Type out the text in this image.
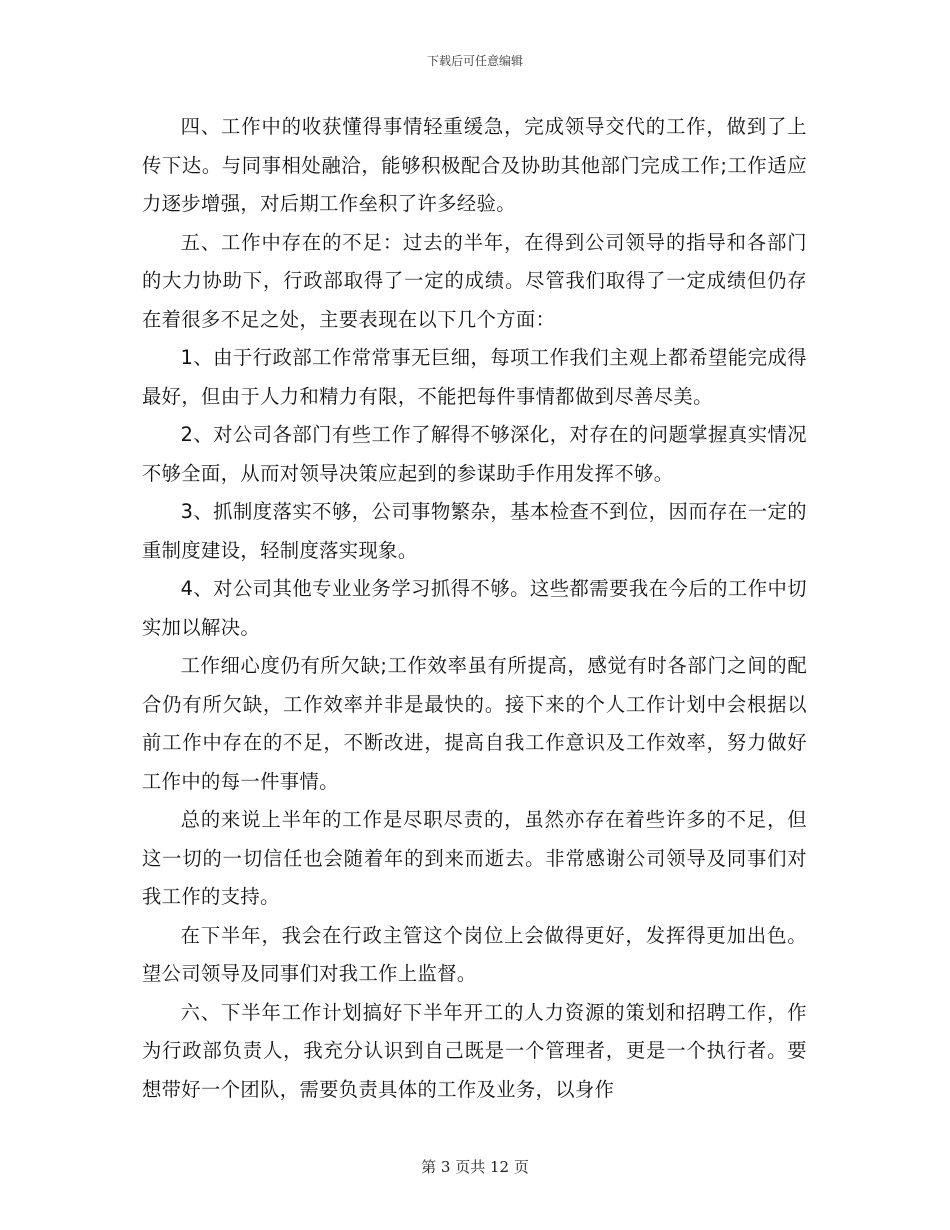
下载后可任意编辑

四、工作中的收获懂得事情轻重缓急，完成领导交代的工作，做到了上传下达。与同事相处融洽，能够积极配合及协助其他部门完成工作;工作适应力逐步增强，对后期工作垒积了许多经验。

五、工作中存在的不足：过去的半年，在得到公司领导的指导和各部门的大力协助下，行政部取得了一定的成绩。尽管我们取得了一定成绩但仍存在着很多不足之处，主要表现在以下几个方面：

1、由于行政部工作常常事无巨细，每项工作我们主观上都希望能完成得最好，但由于人力和精力有限，不能把每件事情都做到尽善尽美。

2、对公司各部门有些工作了解得不够深化，对存在的问题掌握真实情况不够全面，从而对领导决策应起到的参谋助手作用发挥不够。

3、抓制度落实不够，公司事物繁杂，基本检查不到位，因而存在一定的重制度建设，轻制度落实现象。

4、对公司其他专业业务学习抓得不够。这些都需要我在今后的工作中切实加以解决。

工作细心度仍有所欠缺;工作效率虽有所提高，感觉有时各部门之间的配合仍有所欠缺，工作效率并非是最快的。接下来的个人工作计划中会根据以前工作中存在的不足，不断改进，提高自我工作意识及工作效率，努力做好工作中的每一件事情。

总的来说上半年的工作是尽职尽责的，虽然亦存在着些许多的不足，但这一切的一切信任也会随着年的到来而逝去。非常感谢公司领导及同事们对我工作的支持。

在下半年，我会在行政主管这个岗位上会做得更好，发挥得更加出色。望公司领导及同事们对我工作上监督。

六、下半年工作计划搞好下半年开工的人力资源的策划和招聘工作，作为行政部负责人，我充分认识到自己既是一个管理者，更是一个执行者。要想带好一个团队，需要负责具体的工作及业务，以身作

第 3 页共 12 页
